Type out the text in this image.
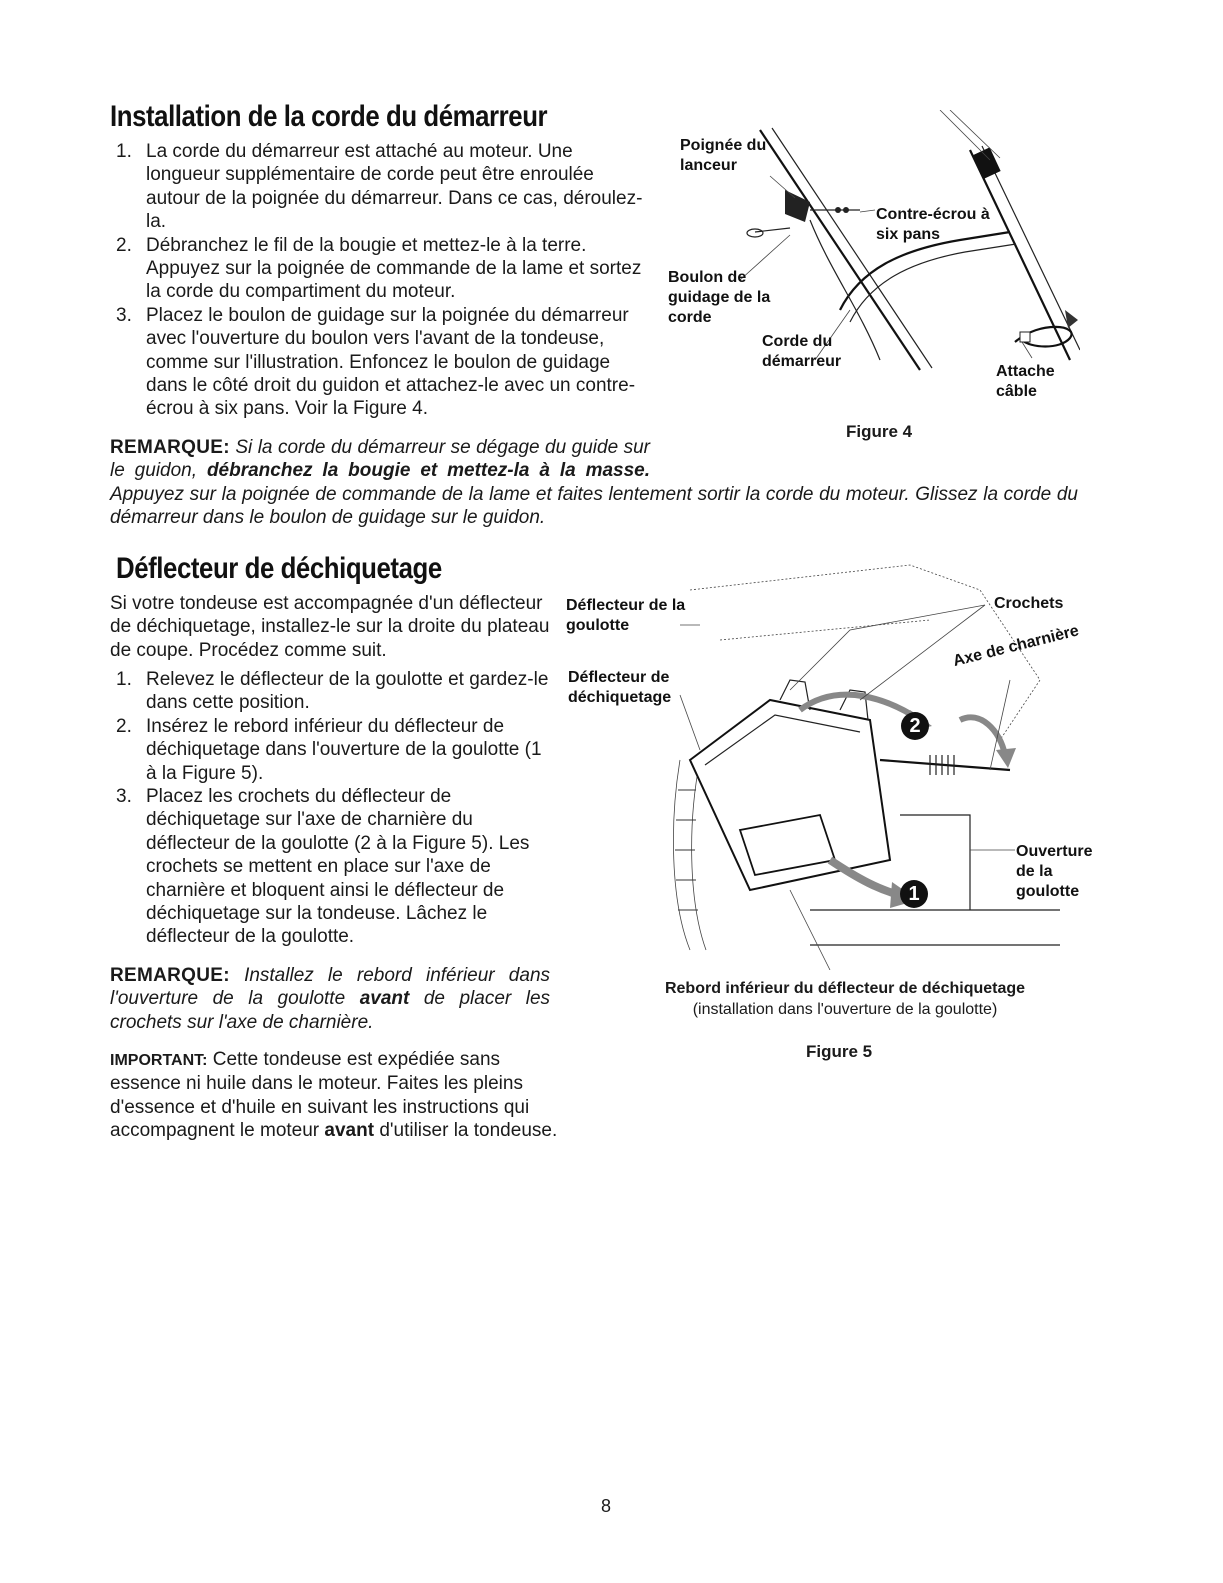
Installation de la corde du démarreur
1. La corde du démarreur est attaché au moteur. Une longueur supplémentaire de corde peut être enroulée autour de la poignée du démarreur. Dans ce cas, déroulez-la.
2. Débranchez le fil de la bougie et mettez-le à la terre. Appuyez sur la poignée de commande de la lame et sortez la corde du compartiment du moteur.
3. Placez le boulon de guidage sur la poignée du démarreur avec l'ouverture du boulon vers l'avant de la tondeuse, comme sur l'illustration. Enfoncez le boulon de guidage dans le côté droit du guidon et attachez-le avec un contre-écrou à six pans. Voir la Figure 4.
REMARQUE: Si la corde du démarreur se dégage du guide sur le guidon, débranchez la bougie et mettez-la à la masse.
Appuyez sur la poignée de commande de la lame et faites lentement sortir la corde du moteur. Glissez la corde du démarreur dans le boulon de guidage sur le guidon.
Poignée du lanceur
Contre-écrou à six pans
Boulon de guidage de la corde
Corde du démarreur
Attache câble
Figure 4
Déflecteur de déchiquetage
Si votre tondeuse est accompagnée d'un déflecteur de déchiquetage, installez-le sur la droite du plateau de coupe. Procédez comme suit.
1. Relevez le déflecteur de la goulotte et gardez-le dans cette position.
2. Insérez le rebord inférieur du déflecteur de déchiquetage dans l'ouverture de la goulotte (1 à la Figure 5).
3. Placez les crochets du déflecteur de déchiquetage sur l'axe de charnière du déflecteur de la goulotte (2 à la Figure 5). Les crochets se mettent en place sur l'axe de charnière et bloquent ainsi le déflecteur de déchiquetage sur la tondeuse. Lâchez le déflecteur de la goulotte.
REMARQUE: Installez le rebord inférieur dans l'ouverture de la goulotte avant de placer les crochets sur l'axe de charnière.
IMPORTANT: Cette tondeuse est expédiée sans essence ni huile dans le moteur. Faites les pleins d'essence et d'huile en suivant les instructions qui accompagnent le moteur avant d'utiliser la tondeuse.
2
1
Déflecteur de la goulotte
Crochets
Déflecteur de déchiquetage
Axe de charnière
Ouverture de la goulotte
Rebord inférieur du déflecteur de déchiquetage
(installation dans l'ouverture de la goulotte)
Figure 5
8
